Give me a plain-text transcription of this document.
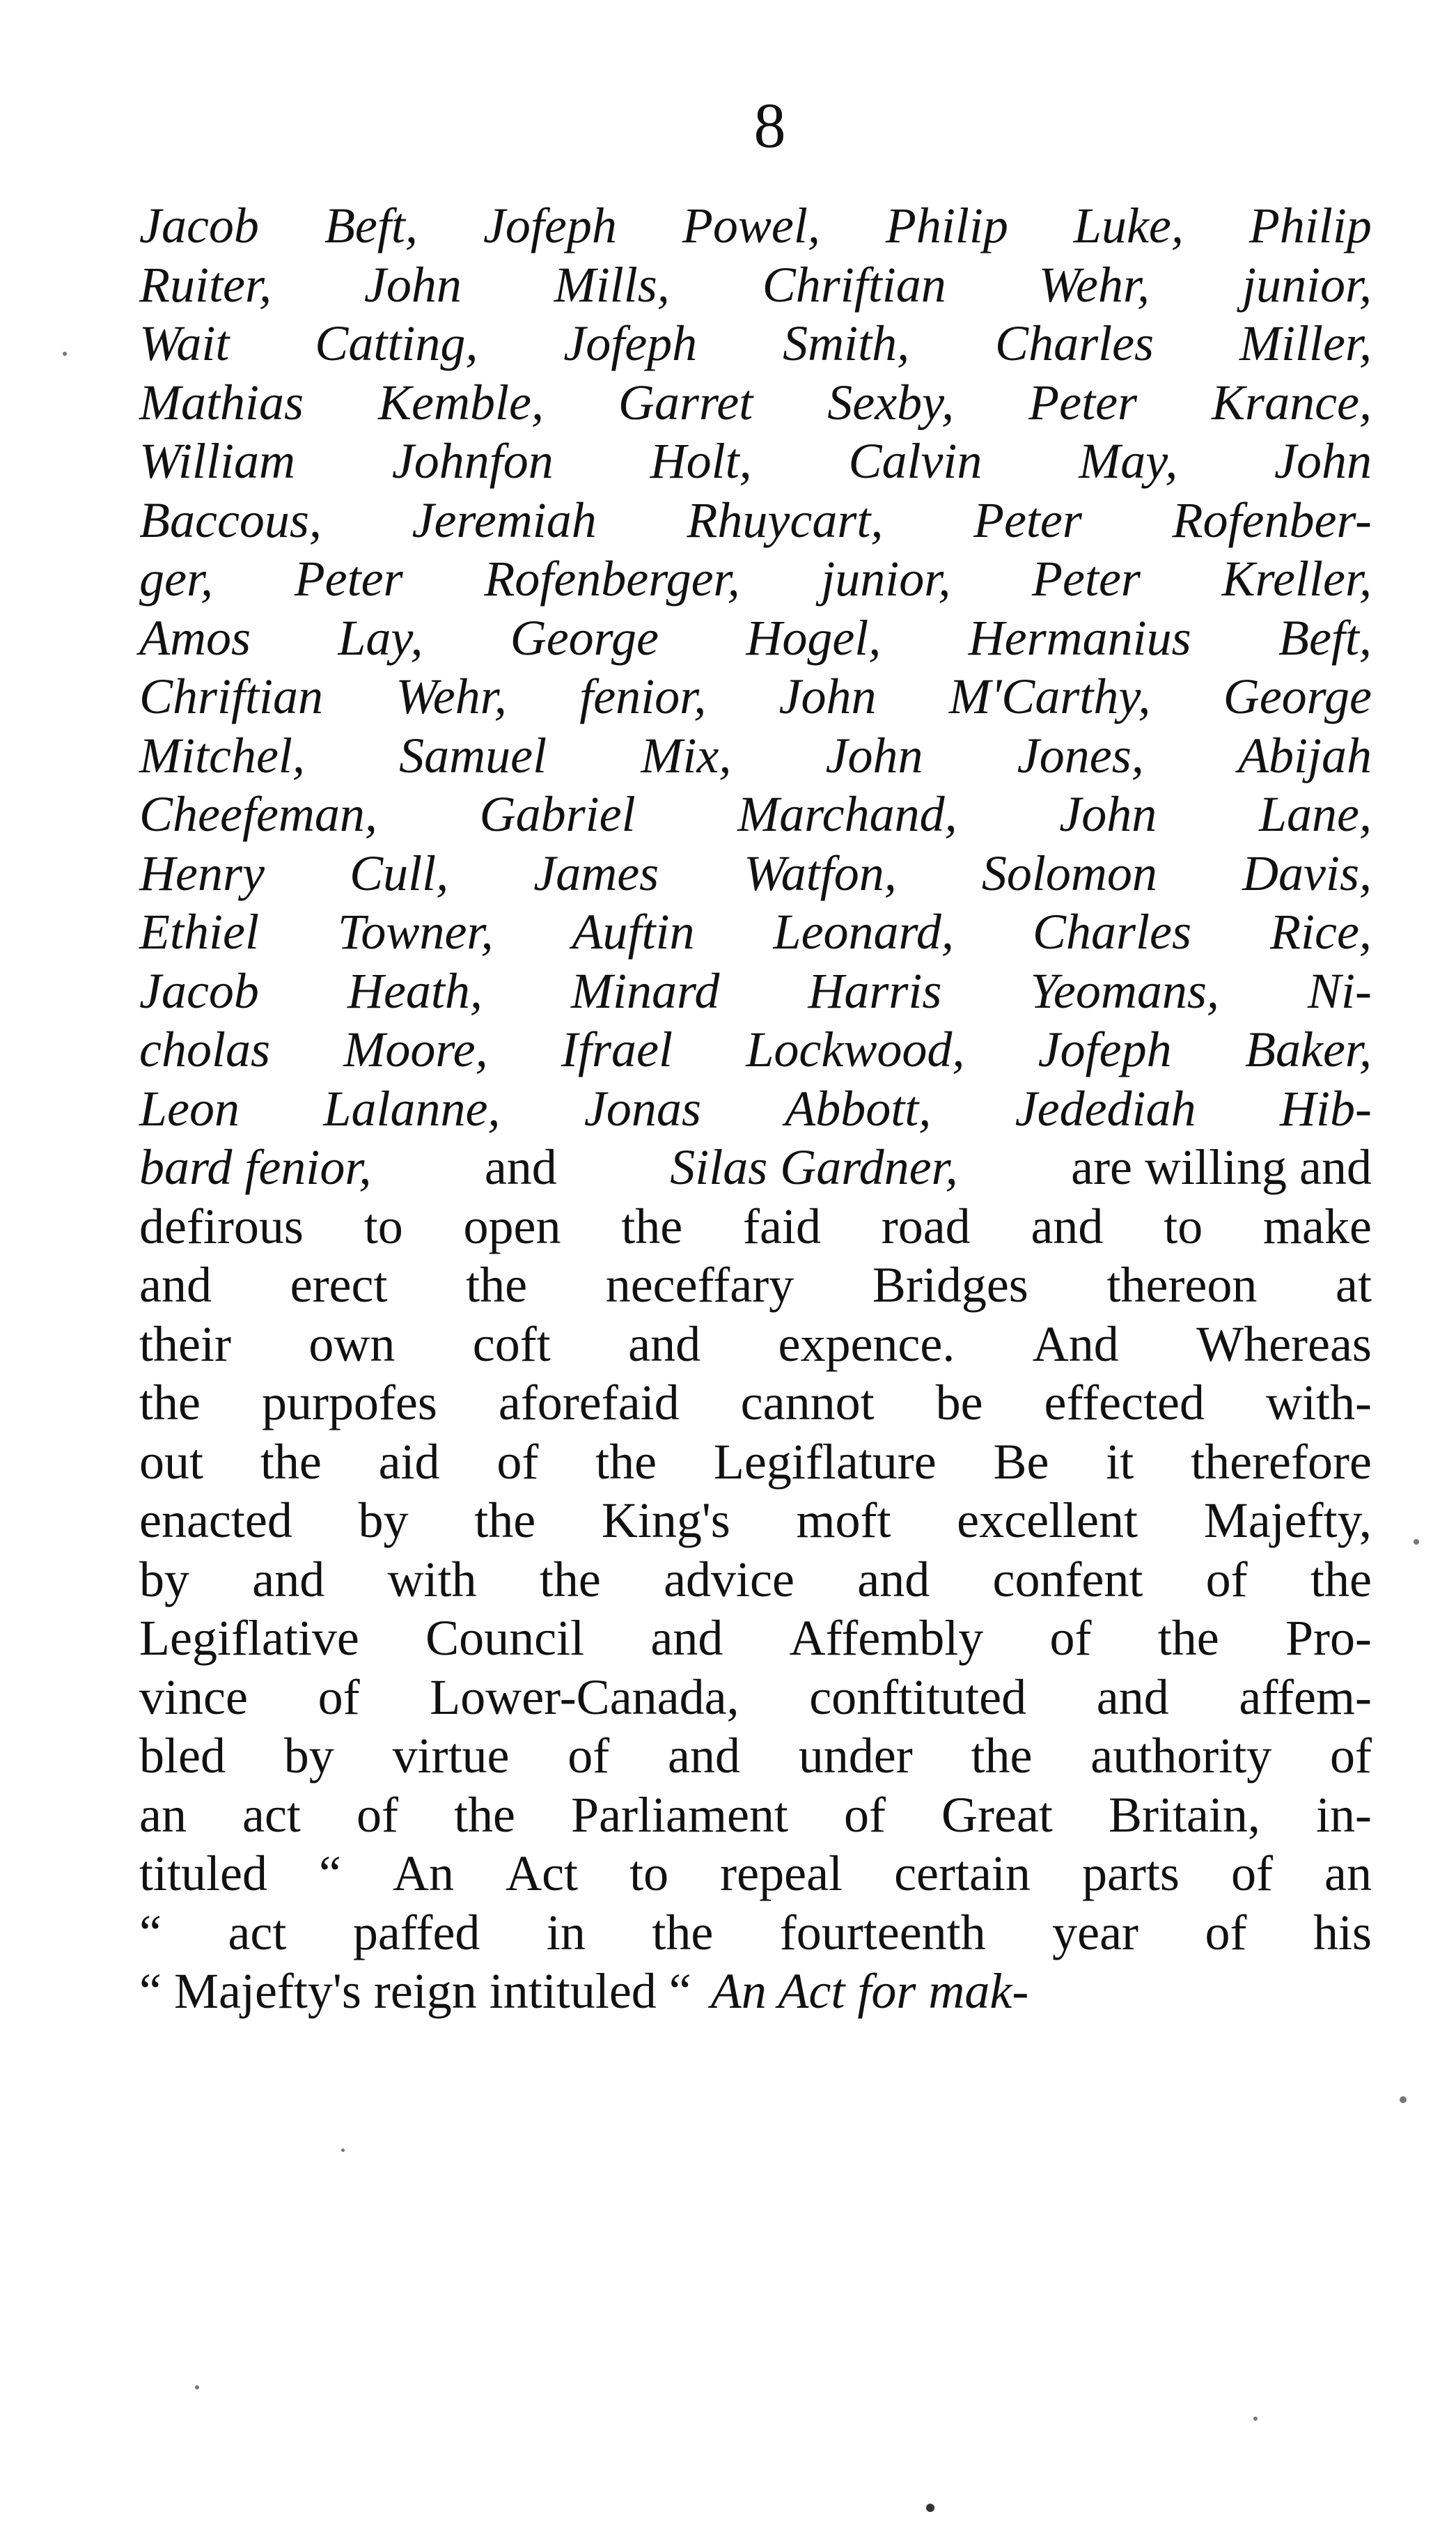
8
Jacob Beft, Jofeph Powel, Philip Luke, Philip
Ruiter, John Mills, Chriftian Wehr, junior,
Wait Catting, Jofeph Smith, Charles Miller,
Mathias Kemble, Garret Sexby, Peter Krance,
William Johnfon Holt, Calvin May, John
Baccous, Jeremiah Rhuycart, Peter Rofenber-
ger, Peter Rofenberger, junior, Peter Kreller,
Amos Lay, George Hogel, Hermanius Beft,
Chriftian Wehr, fenior, John M'Carthy, George
Mitchel, Samuel Mix, John Jones, Abijah
Cheefeman, Gabriel Marchand, John Lane,
Henry Cull, James Watfon, Solomon Davis,
Ethiel Towner, Auftin Leonard, Charles Rice,
Jacob Heath, Minard Harris Yeomans, Ni-
cholas Moore, Ifrael Lockwood, Jofeph Baker,
Leon Lalanne, Jonas Abbott, Jedediah Hib-
bard fenior, and Silas Gardner, are willing and
defirous to open the faid road and to make
and erect the neceffary Bridges thereon at
their own coft and expence. And Whereas
the purpofes aforefaid cannot be effected with-
out the aid of the Legiflature Be it therefore
enacted by the King's moft excellent Majefty,
by and with the advice and confent of the
Legiflative Council and Affembly of the Pro-
vince of Lower-Canada, conftituted and affem-
bled by virtue of and under the authority of
an act of the Parliament of Great Britain, in-
tituled “ An Act to repeal certain parts of an
“ act paffed in the fourteenth year of his
“ Majefty's reign intituled “ An Act for mak-
